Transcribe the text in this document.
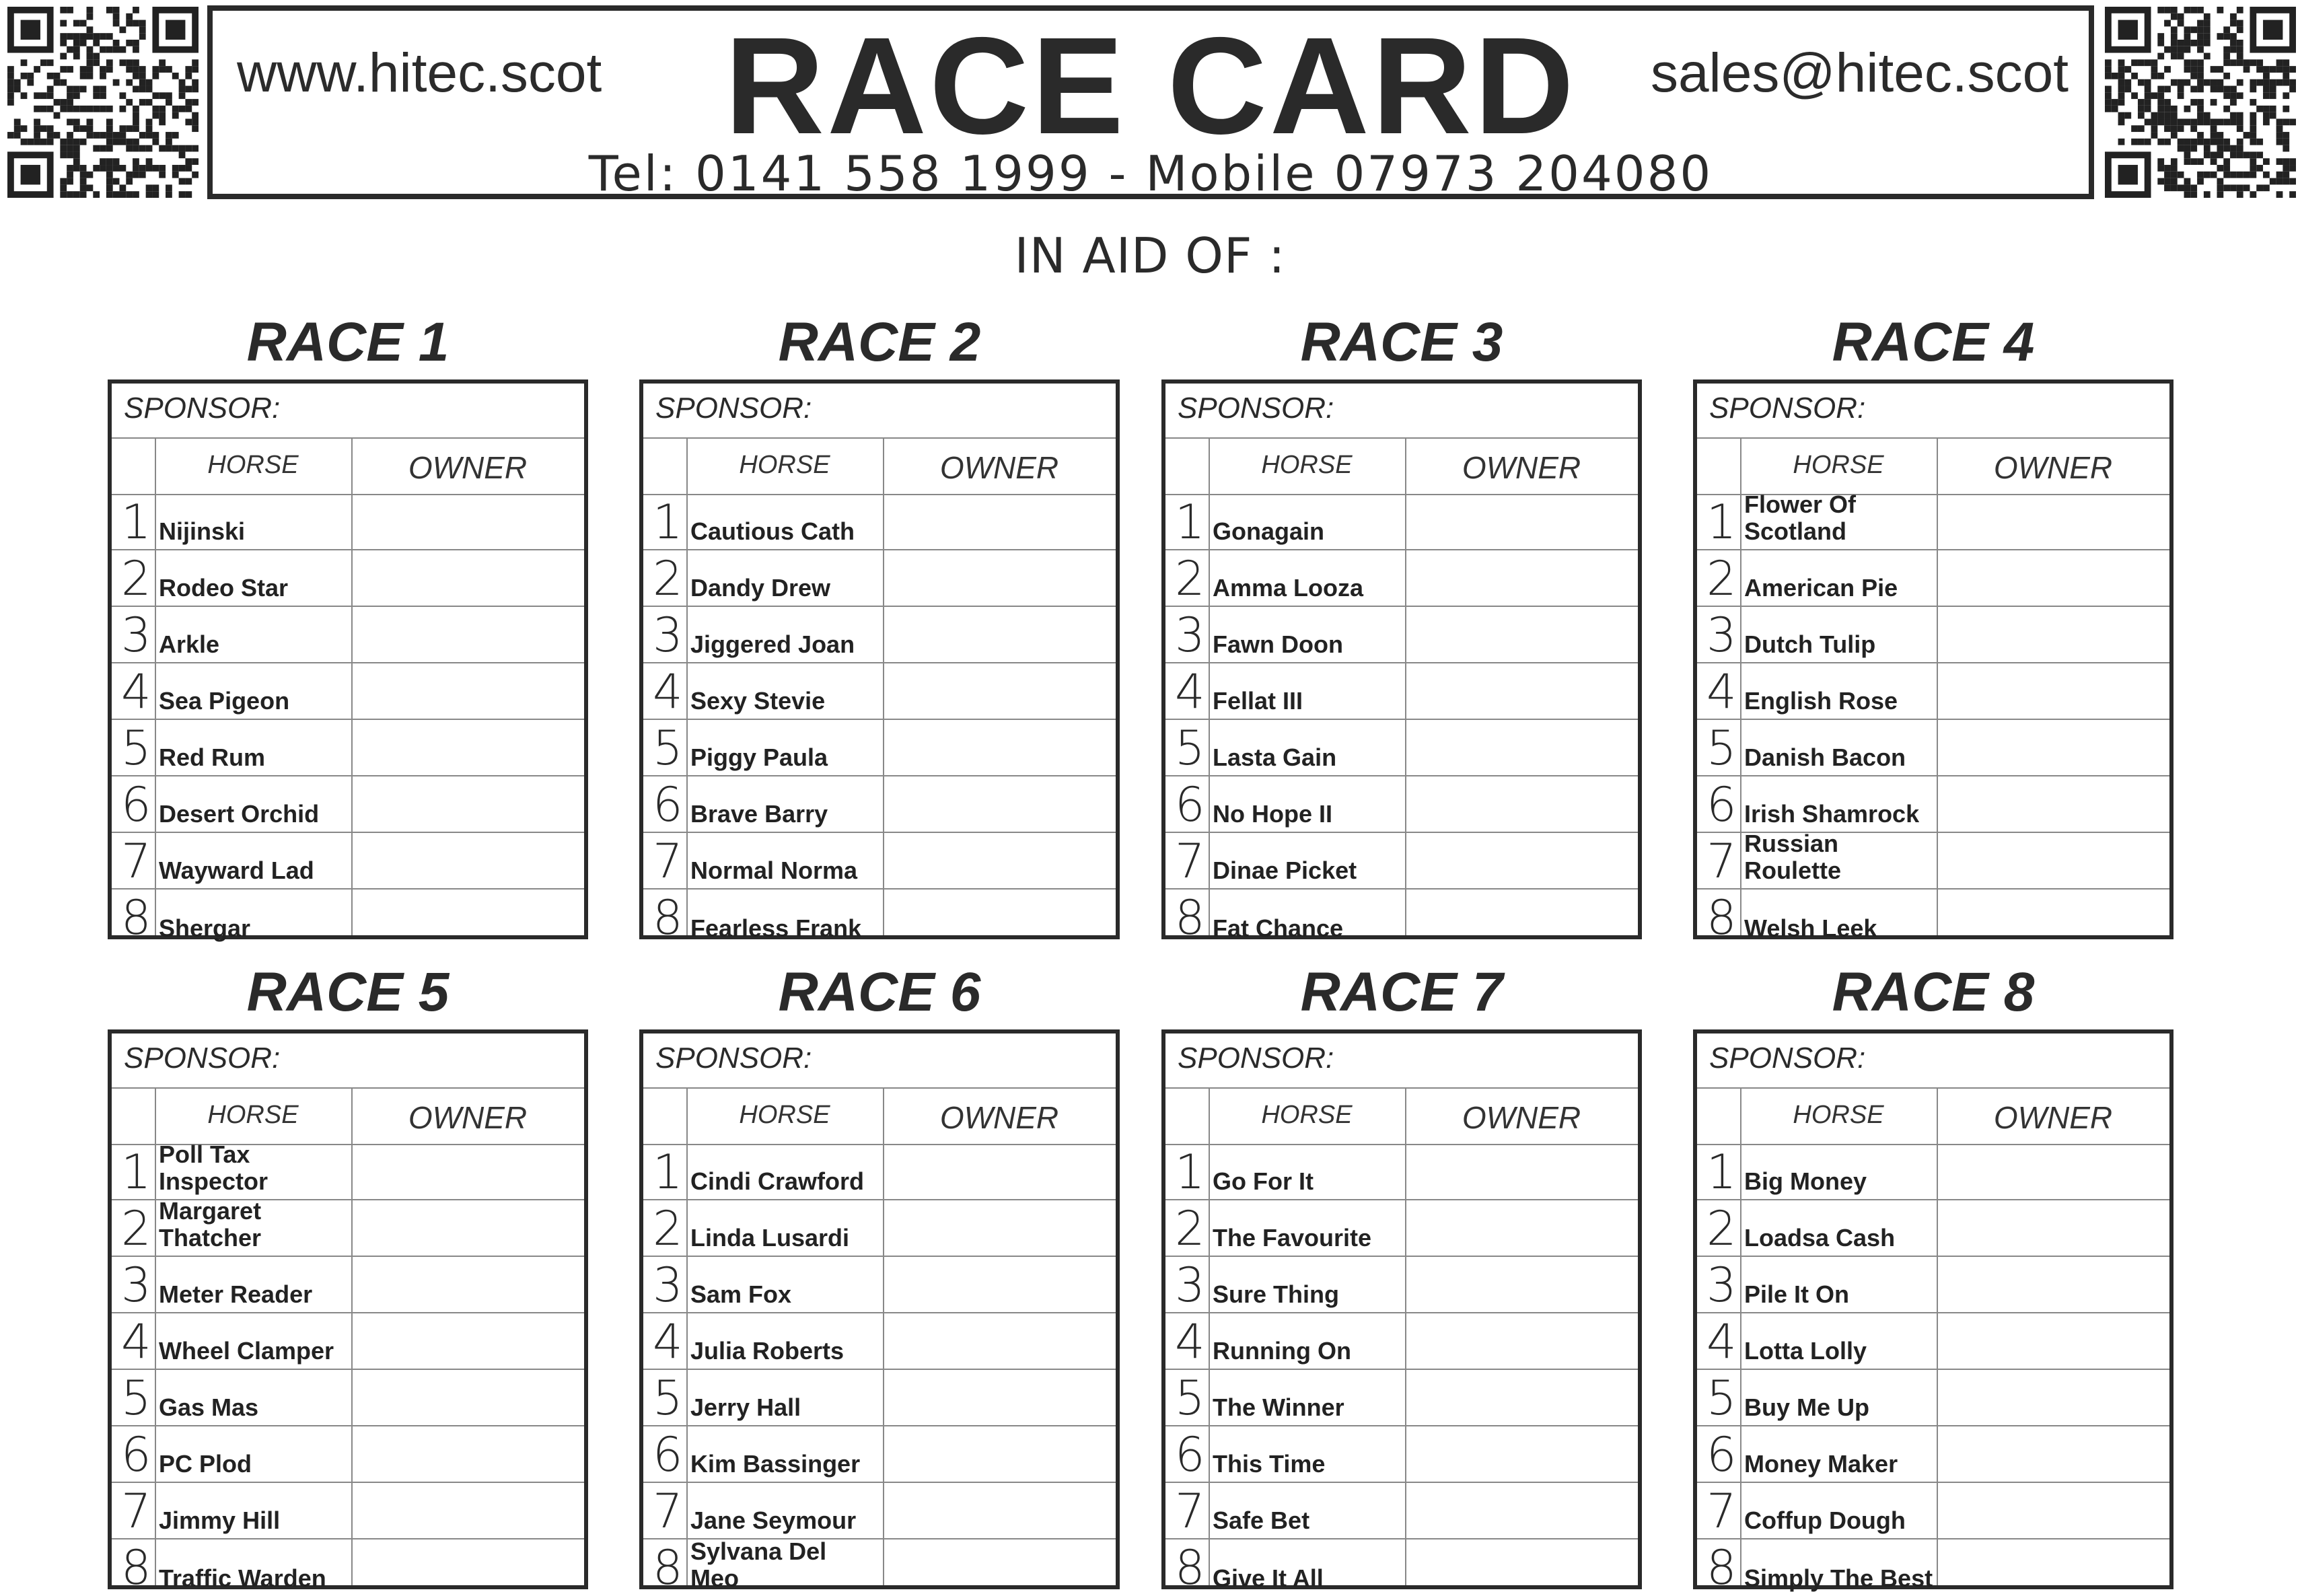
www.hitec.scot RACE CARD	sales@hitec.scot
Tel: 0141 558 1999 - Mobile 07973 204080
IN AID OF :
RACE 1
SPONSOR:
HORSE	OWNER
1 Nijinski
2 Rodeo Star
3 Arkle
4 Sea Pigeon
5 Red Rum
6 Desert Orchid
7 Wayward Lad
8 Shergar
RACE 2
SPONSOR:
HORSE	OWNER
1 Cautious Cath
2 Dandy Drew
3 Jiggered Joan
4 Sexy Stevie
5 Piggy Paula
6 Brave Barry
7 Normal Norma
8 Fearless Frank
RACE 3
SPONSOR:
HORSE	OWNER
1 Gonagain
2 Amma Looza
3 Fawn Doon
4 Fellat III
5 Lasta Gain
6 No Hope II
7 Dinae Picket
8 Fat Chance
RACE 4
SPONSOR:
HORSE	OWNER
1 Flower Of Scotland
2 American Pie
3 Dutch Tulip
4 English Rose
5 Danish Bacon
6 Irish Shamrock
7 Russian Roulette
8 Welsh Leek
RACE 5
SPONSOR:
HORSE	OWNER
1 Poll Tax Inspector
2 Margaret Thatcher
3 Meter Reader
4 Wheel Clamper
5 Gas Mas
6 PC Plod
7 Jimmy Hill
8 Traffic Warden
RACE 6
SPONSOR:
HORSE	OWNER
1 Cindi Crawford
2 Linda Lusardi
3 Sam Fox
4 Julia Roberts
5 Jerry Hall
6 Kim Bassinger
7 Jane Seymour
8 Sylvana Del Meo
RACE 7
SPONSOR:
HORSE	OWNER
1 Go For It
2 The Favourite
3 Sure Thing
4 Running On
5 The Winner
6 This Time
7 Safe Bet
8 Give It All
RACE 8
SPONSOR:
HORSE	OWNER
1 Big Money
2 Loadsa Cash
3 Pile It On
4 Lotta Lolly
5 Buy Me Up
6 Money Maker
7 Coffup Dough
8 Simply The Best
